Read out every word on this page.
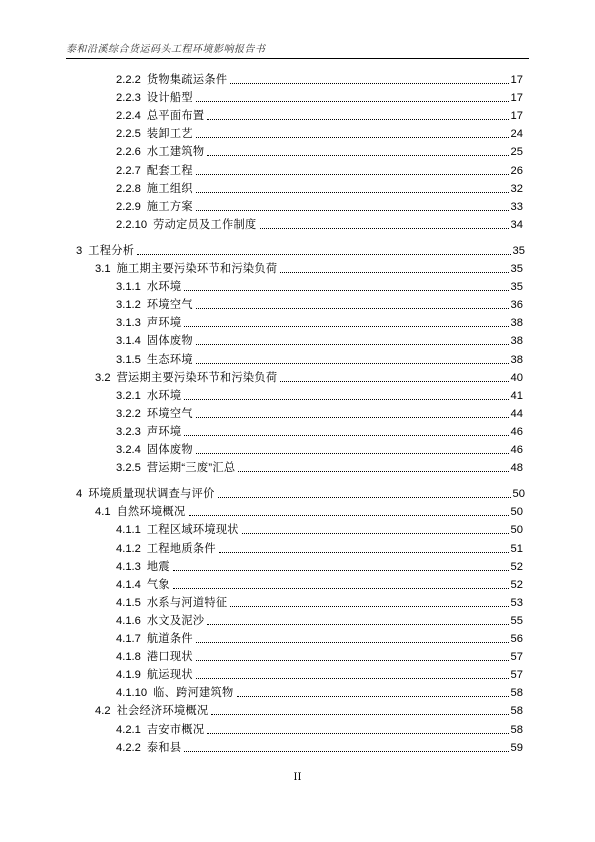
泰和沿溪综合货运码头工程环境影响报告书
2.2.2 货物集疏运条件	17
2.2.3 设计船型	17
2.2.4 总平面布置	17
2.2.5 装卸工艺	24
2.2.6 水工建筑物	25
2.2.7 配套工程	26
2.2.8 施工组织	32
2.2.9 施工方案	33
2.2.10 劳动定员及工作制度	34
3 工程分析	35
3.1 施工期主要污染环节和污染负荷	35
3.1.1 水环境	35
3.1.2 环境空气	36
3.1.3 声环境	38
3.1.4 固体废物	38
3.1.5 生态环境	38
3.2 营运期主要污染环节和污染负荷	40
3.2.1 水环境	41
3.2.2 环境空气	44
3.2.3 声环境	46
3.2.4 固体废物	46
3.2.5 营运期“三废”汇总	48
4 环境质量现状调查与评价	50
4.1 自然环境概况	50
4.1.1 工程区域环境现状	50
4.1.2 工程地质条件	51
4.1.3 地震	52
4.1.4 气象	52
4.1.5 水系与河道特征	53
4.1.6 水文及泥沙	55
4.1.7 航道条件	56
4.1.8 港口现状	57
4.1.9 航运现状	57
4.1.10 临、跨河建筑物	58
4.2 社会经济环境概况	58
4.2.1 吉安市概况	58
4.2.2 泰和县	59
II
